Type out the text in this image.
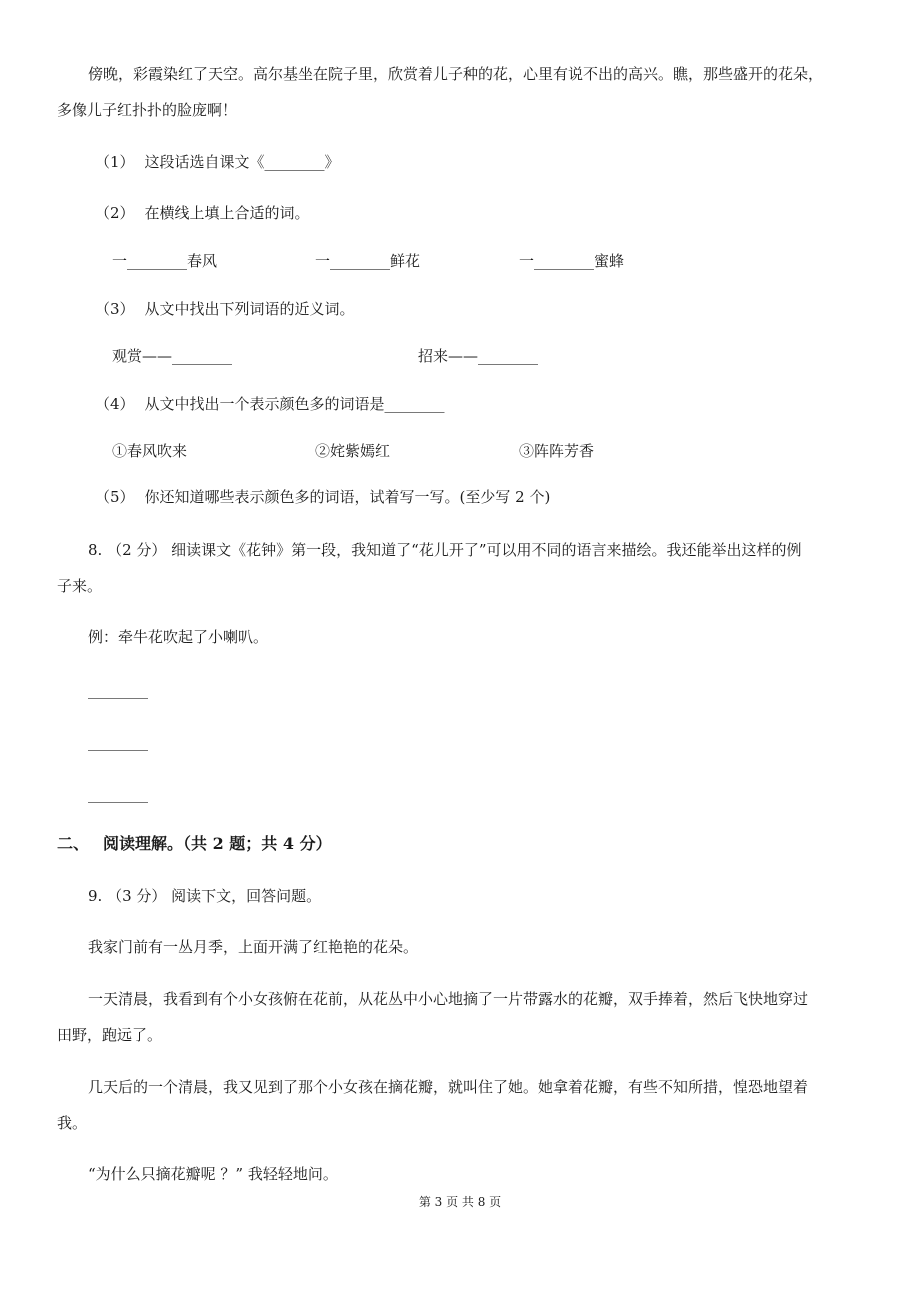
傍晚，彩霞染红了天空。高尔基坐在院子里，欣赏着儿子种的花，心里有说不出的高兴。瞧，那些盛开的花朵，
多像儿子红扑扑的脸庞啊！
（1） 这段话选自课文《________》
（2） 在横线上填上合适的词。
一________春风	一________鲜花	一________蜜蜂
（3） 从文中找出下列词语的近义词。
观赏——________	招来——________
（4） 从文中找出一个表示颜色多的词语是________
①春风吹来	②姹紫嫣红	③阵阵芳香
（5） 你还知道哪些表示颜色多的词语，试着写一写。(至少写 2 个)
8. （2 分） 细读课文《花钟》第一段，我知道了“花儿开了”可以用不同的语言来描绘。我还能举出这样的例
子来。
例：牵牛花吹起了小喇叭。
________
________
________
二、 阅读理解。（共 2 题；共 4 分）
9. （3 分） 阅读下文，回答问题。
我家门前有一丛月季，上面开满了红艳艳的花朵。
一天清晨，我看到有个小女孩俯在花前，从花丛中小心地摘了一片带露水的花瓣，双手捧着，然后飞快地穿过
田野，跑远了。
几天后的一个清晨，我又见到了那个小女孩在摘花瓣，就叫住了她。她拿着花瓣，有些不知所措，惶恐地望着
我。
“为什么只摘花瓣呢 ？” 我轻轻地问。
第 3 页 共 8 页
